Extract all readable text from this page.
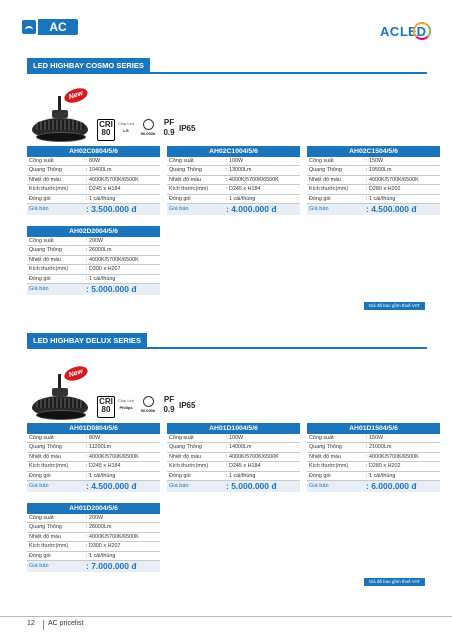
AC	AC LED
LED HIGHBAY COSMO SERIES
New
CRI
80
Chip Led
LG
50.000h
PF
0.9 IP65
AH02C0804/5/6
Công suất	: 80W
Quang Thông	: 10400Lm
Nhiệt độ màu	: 4000K/5700K/6500K
Kích thước(mm)	: D245 x H184
Đóng gói	: 1 cái/thùng
Giá bán	: 3.500.000 đ
AH02C1004/5/6
Công suất	: 100W
Quang Thông	: 13000Lm
Nhiệt độ màu	: 4000K/5700K/6500K
Kích thước(mm)	: D245 x H184
Đóng gói	: 1 cái/thùng
Giá bán	: 4.000.000 đ
AH02C1504/5/6
Công suất	: 150W
Quang Thông	: 19500Lm
Nhiệt độ màu	: 4000K/5700K/6500K
Kích thước(mm)	: D280 x H202
Đóng gói	: 1 cái/thùng
Giá bán	: 4.500.000 đ
AH02D2004/5/6
Công suất	: 200W
Quang Thông	: 26000Lm
Nhiệt độ màu	: 4000K/5700K/6500K
Kích thước(mm)	: D300 x H207
Đóng gói	: 1 cái/thùng
Giá bán	: 5.000.000 đ
Giá đã bao gồm thuế VAT
LED HIGHBAY DELUX SERIES
New
CRI
80
Chip Led
Philips
50.000h
PF
0.9 IP65
AH01D0804/5/6
Công suất	: 80W
Quang Thông	: 11200Lm
Nhiệt độ màu	: 4000K/5700K/6500K
Kích thước(mm)	: D245 x H184
Đóng gói	: 1 cái/thùng
Giá bán	: 4.500.000 đ
AH01D1004/5/6
Công suất	: 100W
Quang Thông	: 14000Lm
Nhiệt độ màu	: 4000K/5700K/6500K
Kích thước(mm)	: D245 x H184
Đóng gói	: 1 cái/thùng
Giá bán	: 5.000.000 đ
AH01D1504/5/6
Công suất	: 150W
Quang Thông	: 21000Lm
Nhiệt độ màu	: 4000K/5700K/6500K
Kích thước(mm)	: D280 x H202
Đóng gói	: 1 cái/thùng
Giá bán	: 6.000.000 đ
AH01D2004/5/6
Công suất	: 200W
Quang Thông	: 28000Lm
Nhiệt độ màu	: 4000K/5700K/6500K
Kích thước(mm)	: D300 x H207
Đóng gói	: 1 cái/thùng
Giá bán	: 7.000.000 đ
Giá đã bao gồm thuế VAT
12 AC pricelist
